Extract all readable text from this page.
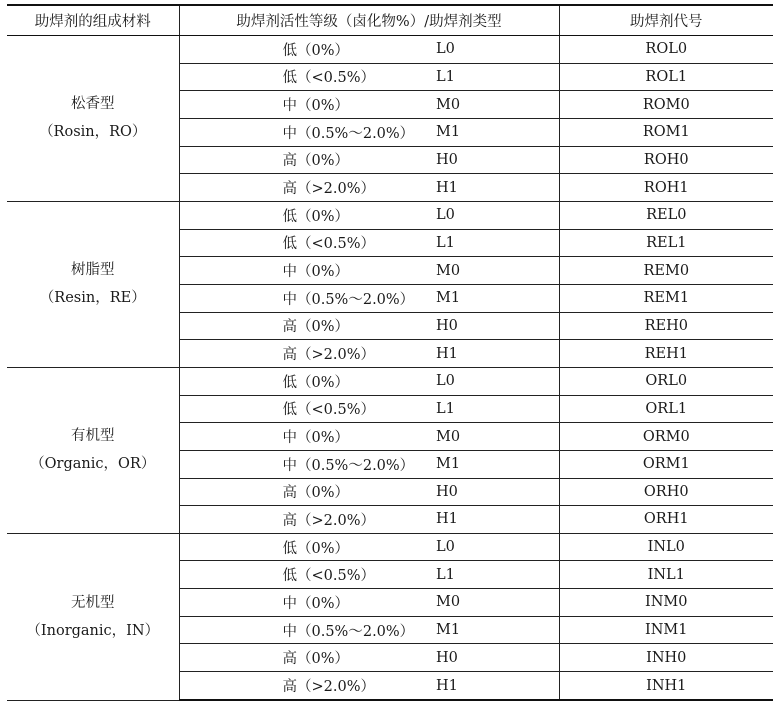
助焊剂的组成材料	助焊剂活性等级（卤化物%）/助焊剂类型		助焊剂代号

松香型
（Rosin，RO）	低（0%）	L0	ROL0
	低（<0.5%）	L1	ROL1
	中（0%）	M0	ROM0
	中（0.5%～2.0%）	M1	ROM1
	高（0%）	H0	ROH0
	高（>2.0%）	H1	ROH1

树脂型
（Resin，RE）	低（0%）	L0	REL0
	低（<0.5%）	L1	REL1
	中（0%）	M0	REM0
	中（0.5%～2.0%）	M1	REM1
	高（0%）	H0	REH0
	高（>2.0%）	H1	REH1

有机型
（Organic，OR）	低（0%）	L0	ORL0
	低（<0.5%）	L1	ORL1
	中（0%）	M0	ORM0
	中（0.5%～2.0%）	M1	ORM1
	高（0%）	H0	ORH0
	高（>2.0%）	H1	ORH1

无机型
（Inorganic，IN）	低（0%）	L0	INL0
	低（<0.5%）	L1	INL1
	中（0%）	M0	INM0
	中（0.5%～2.0%）	M1	INM1
	高（0%）	H0	INH0
	高（>2.0%）	H1	INH1
